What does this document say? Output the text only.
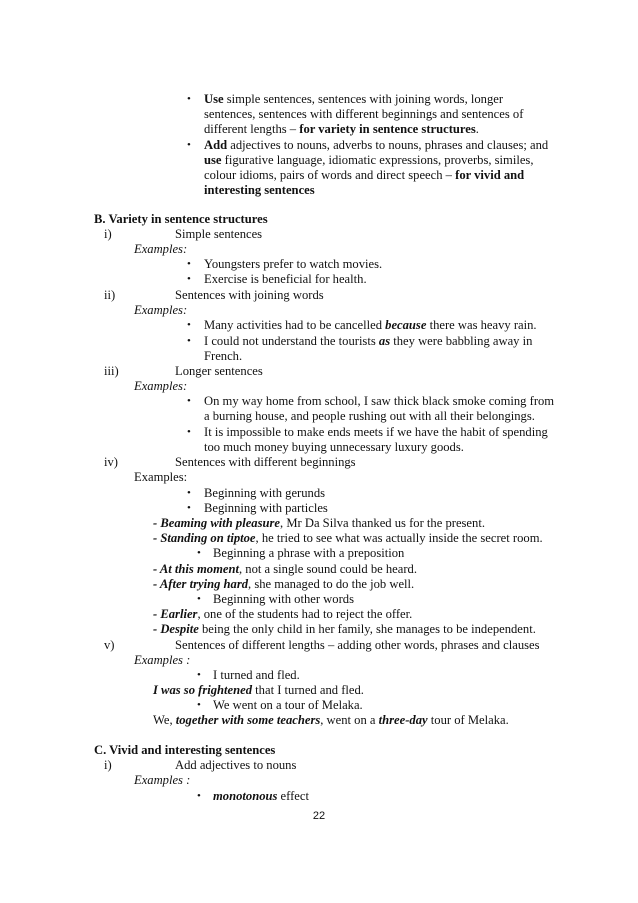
• Use simple sentences, sentences with joining words, longer
sentences, sentences with different beginnings and sentences of
different lengths – for variety in sentence structures.
• Add adjectives to nouns, adverbs to nouns, phrases and clauses; and
use figurative language, idiomatic expressions, proverbs, similes,
colour idioms, pairs of words and direct speech – for vivid and
interesting sentences
B. Variety in sentence structures
i)	Simple sentences
Examples:
• Youngsters prefer to watch movies.
• Exercise is beneficial for health.
ii)	Sentences with joining words
Examples:
• Many activities had to be cancelled because there was heavy rain.
• I could not understand the tourists as they were babbling away in
French.
iii)	Longer sentences
Examples:
• On my way home from school, I saw thick black smoke coming from
a burning house, and people rushing out with all their belongings.
• It is impossible to make ends meets if we have the habit of spending
too much money buying unnecessary luxury goods.
iv)	Sentences with different beginnings
Examples:
• Beginning with gerunds
• Beginning with particles
- Beaming with pleasure, Mr Da Silva thanked us for the present.
- Standing on tiptoe, he tried to see what was actually inside the secret room.
• Beginning a phrase with a preposition
- At this moment, not a single sound could be heard.
- After trying hard, she managed to do the job well.
• Beginning with other words
- Earlier, one of the students had to reject the offer.
- Despite being the only child in her family, she manages to be independent.
v)	Sentences of different lengths – adding other words, phrases and clauses
Examples :
• I turned and fled.
I was so frightened that I turned and fled.
• We went on a tour of Melaka.
We, together with some teachers, went on a three-day tour of Melaka.
C. Vivid and interesting sentences
i)	Add adjectives to nouns
Examples :
• monotonous effect
22
